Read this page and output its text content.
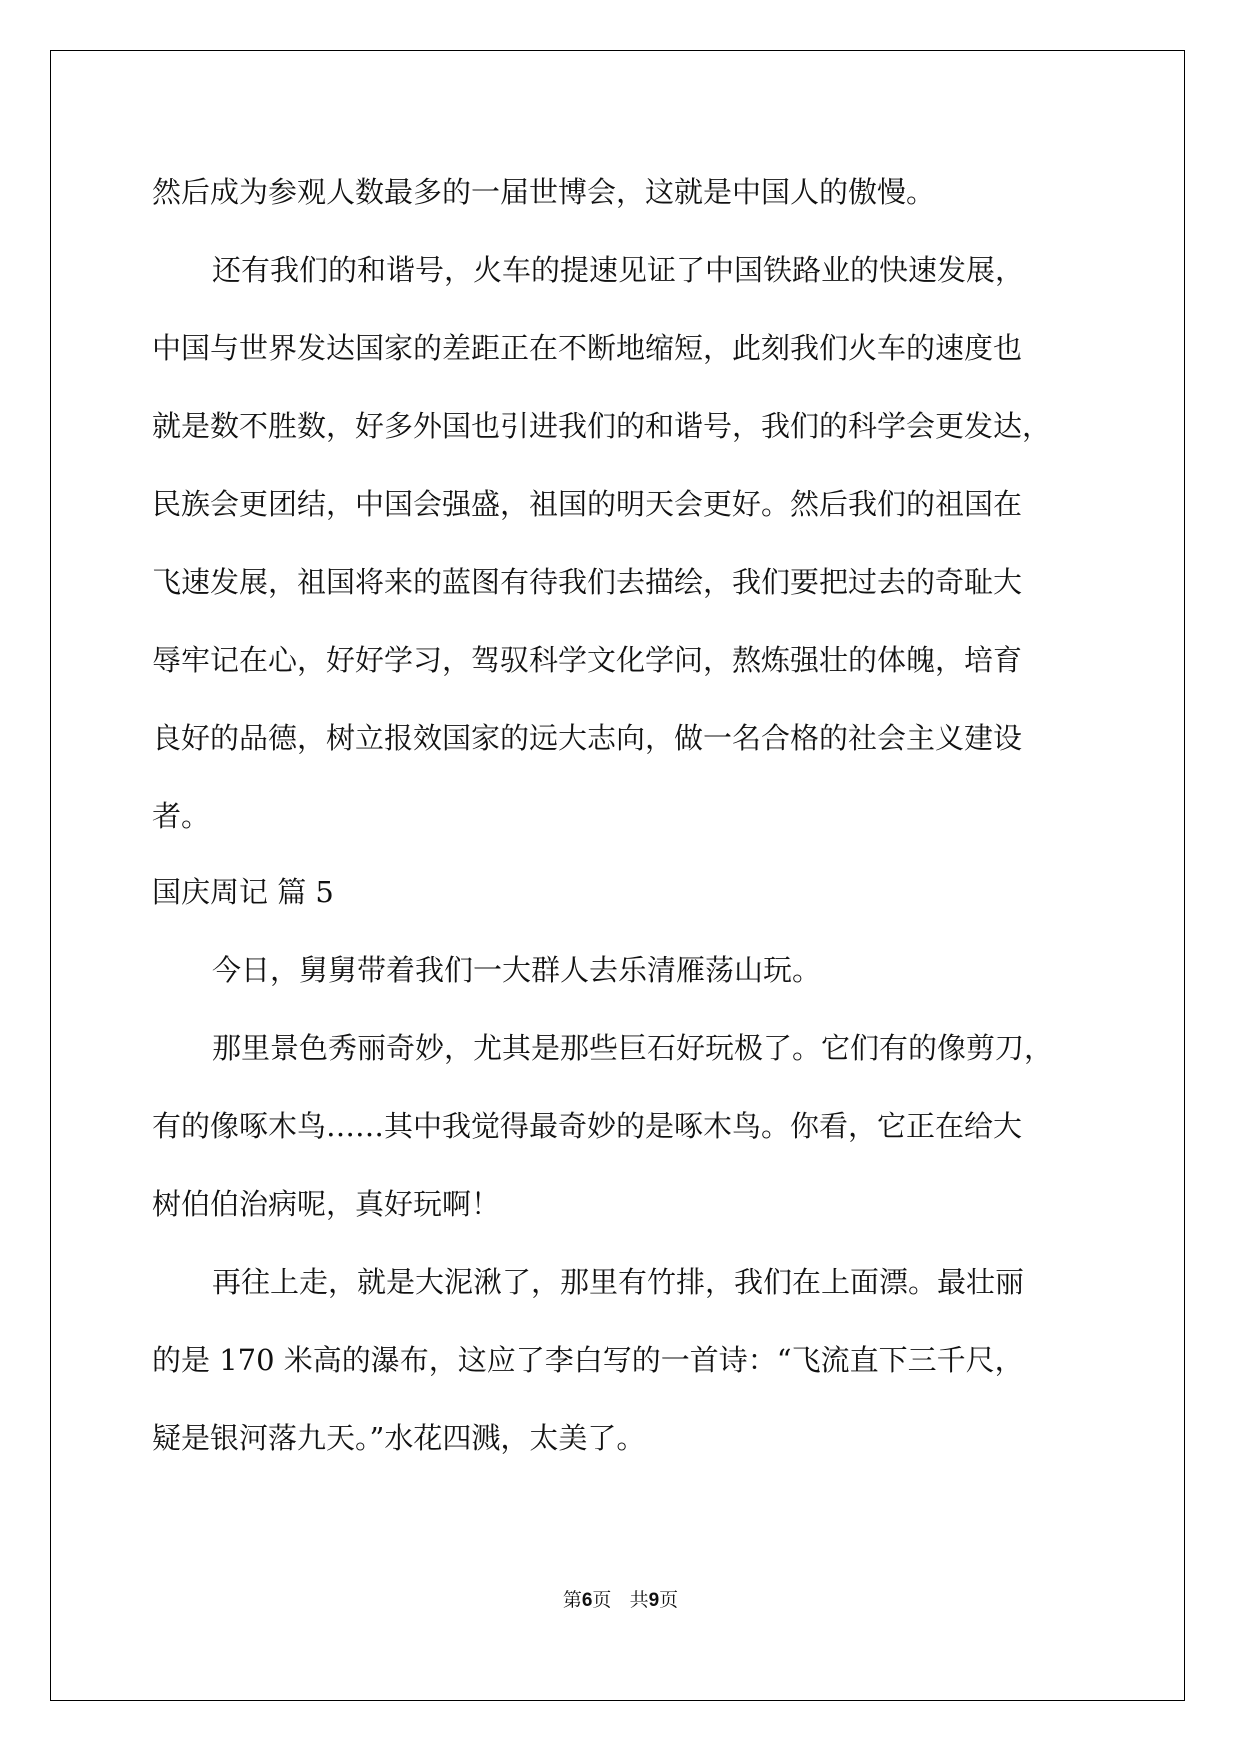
然后成为参观人数最多的一届世博会，这就是中国人的傲慢。

还有我们的和谐号，火车的提速见证了中国铁路业的快速发展，

中国与世界发达国家的差距正在不断地缩短，此刻我们火车的速度也

就是数不胜数，好多外国也引进我们的和谐号，我们的科学会更发达，

民族会更团结，中国会强盛，祖国的明天会更好。然后我们的祖国在

飞速发展，祖国将来的蓝图有待我们去描绘，我们要把过去的奇耻大

辱牢记在心，好好学习，驾驭科学文化学问，熬炼强壮的体魄，培育

良好的品德，树立报效国家的远大志向，做一名合格的社会主义建设

者。

国庆周记 篇 5

今日，舅舅带着我们一大群人去乐清雁荡山玩。

那里景色秀丽奇妙，尤其是那些巨石好玩极了。它们有的像剪刀，

有的像啄木鸟……其中我觉得最奇妙的是啄木鸟。你看，它正在给大

树伯伯治病呢，真好玩啊！

再往上走，就是大泥湫了，那里有竹排，我们在上面漂。最壮丽

的是 170 米高的瀑布，这应了李白写的一首诗：“飞流直下三千尺，

疑是银河落九天。”水花四溅，太美了。

第6页 共9页
